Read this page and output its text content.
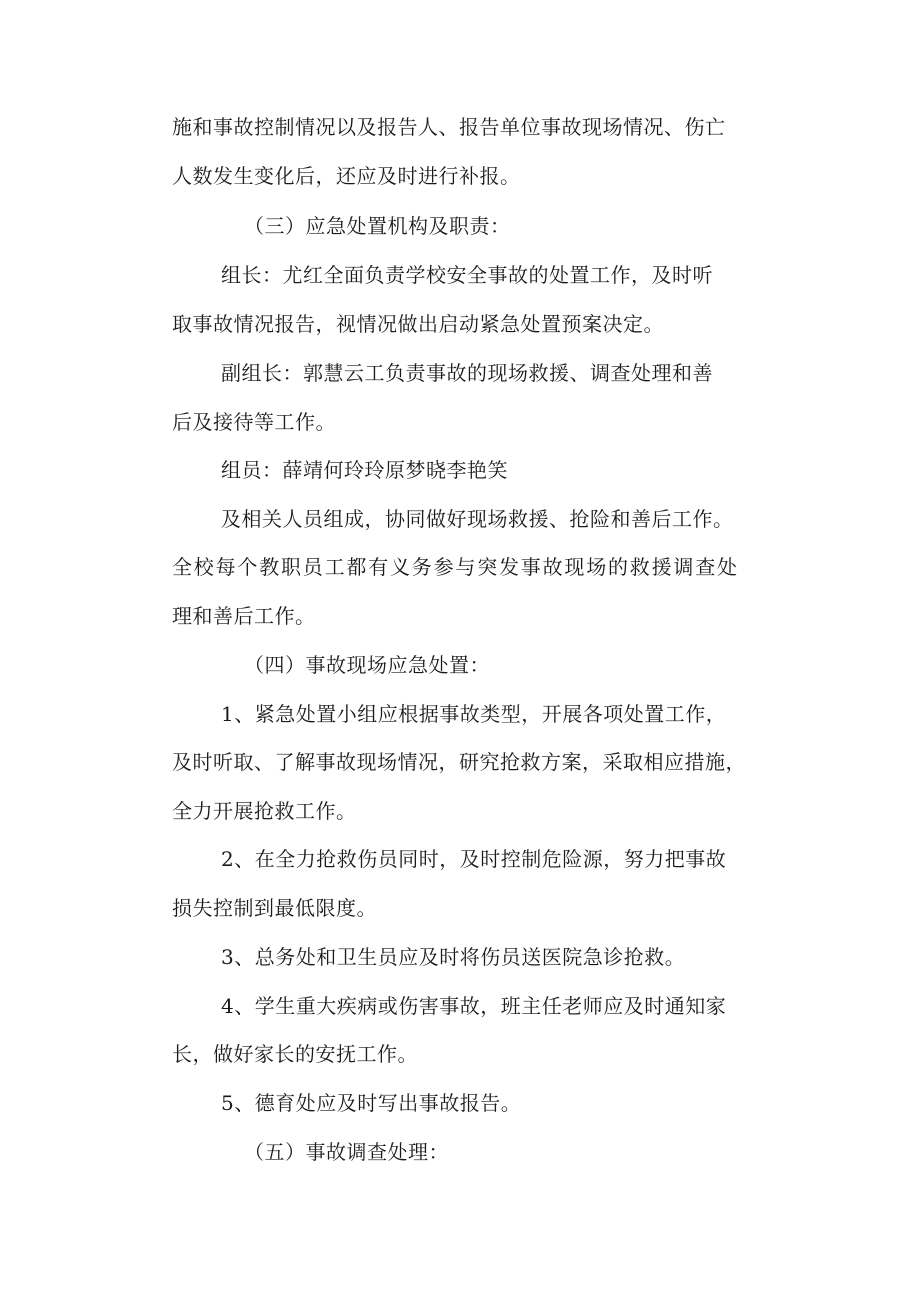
施和事故控制情况以及报告人、报告单位事故现场情况、伤亡
人数发生变化后，还应及时进行补报。
（三）应急处置机构及职责：
组长：尤红全面负责学校安全事故的处置工作，及时听
取事故情况报告，视情况做出启动紧急处置预案决定。
副组长：郭慧云工负责事故的现场救援、调查处理和善
后及接待等工作。
组员：薛靖何玲玲原梦晓李艳笑
及相关人员组成，协同做好现场救援、抢险和善后工作。
全校每个教职员工都有义务参与突发事故现场的救援调查处
理和善后工作。
（四）事故现场应急处置：
1、紧急处置小组应根据事故类型，开展各项处置工作，
及时听取、了解事故现场情况，研究抢救方案，采取相应措施，
全力开展抢救工作。
2、在全力抢救伤员同时，及时控制危险源，努力把事故
损失控制到最低限度。
3、总务处和卫生员应及时将伤员送医院急诊抢救。
4、学生重大疾病或伤害事故，班主任老师应及时通知家
长，做好家长的安抚工作。
5、德育处应及时写出事故报告。
（五）事故调查处理：
